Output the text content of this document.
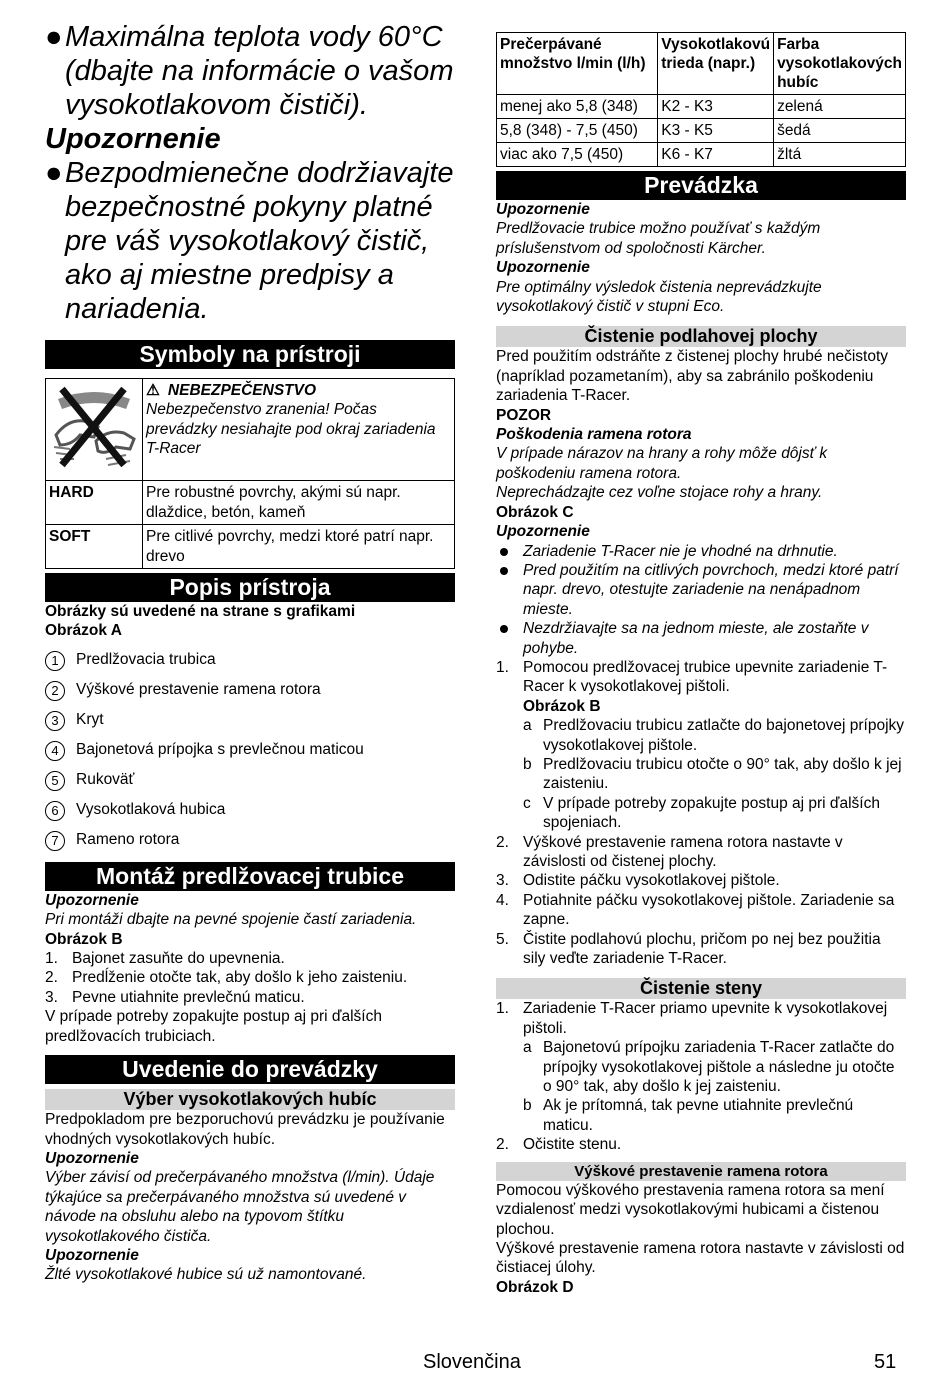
● Maximálna teplota vody 60°C (dbajte na informácie o vašom vysokotlakovom čističi).
Upozornenie
● Bezpodmienečne dodržiavajte bezpečnostné pokyny platné pre váš vysokotlakový čistič, ako aj miestne predpisy a nariadenia.
Symboly na prístroji

⚠ NEBEZPEČENSTVO
Nebezpečenstvo zranenia! Počas prevádzky nesiahajte pod okraj zariadenia T-Racer

HARD	Pre robustné povrchy, akými sú napr. dlaždice, betón, kameň
SOFT	Pre citlivé povrchy, medzi ktoré patrí napr. drevo
Popis prístroja
Obrázky sú uvedené na strane s grafikami
Obrázok A
1	Predlžovacia trubica
2	Výškové prestavenie ramena rotora
3	Kryt
4	Bajonetová prípojka s prevlečnou maticou
5	Rukoväť
6	Vysokotlaková hubica
7	Rameno rotora
Montáž predlžovacej trubice
Upozornenie
Pri montáži dbajte na pevné spojenie častí zariadenia.
Obrázok B
1. Bajonet zasuňte do upevnenia.
2. Predĺženie otočte tak, aby došlo k jeho zaisteniu.
3. Pevne utiahnite prevlečnú maticu.
V prípade potreby zopakujte postup aj pri ďalších predlžovacích trubiciach.
Uvedenie do prevádzky
Výber vysokotlakových hubíc
Predpokladom pre bezporuchovú prevádzku je používanie vhodných vysokotlakových hubíc.
Upozornenie
Výber závisí od prečerpávaného množstva (l/min). Údaje týkajúce sa prečerpávaného množstva sú uvedené v návode na obsluhu alebo na typovom štítku vysokotlakového čističa.
Upozornenie
Žlté vysokotlakové hubice sú už namontované.
Prečerpávané množstvo l/min (l/h)	Vysokotlakovú trieda (napr.)	Farba vysokotlakových hubíc
menej ako 5,8 (348)	K2 - K3	zelená
5,8 (348) - 7,5 (450)	K3 - K5	šedá
viac ako 7,5 (450)	K6 - K7	žltá
Prevádzka
Upozornenie
Predlžovacie trubice možno používať s každým príslušenstvom od spoločnosti Kärcher.
Upozornenie
Pre optimálny výsledok čistenia neprevádzkujte vysokotlakový čistič v stupni Eco.
Čistenie podlahovej plochy
Pred použitím odstráňte z čistenej plochy hrubé nečistoty (napríklad pozametaním), aby sa zabránilo poškodeniu zariadenia T-Racer.
POZOR
Poškodenia ramena rotora
V prípade nárazov na hrany a rohy môže dôjsť k poškodeniu ramena rotora.
Neprechádzajte cez voľne stojace rohy a hrany.
Obrázok C
Upozornenie
Zariadenie T-Racer nie je vhodné na drhnutie.
Pred použitím na citlivých povrchoch, medzi ktoré patrí napr. drevo, otestujte zariadenie na nenápadnom mieste.
Nezdržiavajte sa na jednom mieste, ale zostaňte v pohybe.
1. Pomocou predlžovacej trubice upevnite zariadenie T-Racer k vysokotlakovej pištoli.
Obrázok B
a Predlžovaciu trubicu zatlačte do bajonetovej prípojky vysokotlakovej pištole.
b Predlžovaciu trubicu otočte o 90° tak, aby došlo k jej zaisteniu.
c V prípade potreby zopakujte postup aj pri ďalších spojeniach.
2. Výškové prestavenie ramena rotora nastavte v závislosti od čistenej plochy.
3. Odistite páčku vysokotlakovej pištole.
4. Potiahnite páčku vysokotlakovej pištole. Zariadenie sa zapne.
5. Čistite podlahovú plochu, pričom po nej bez použitia sily veďte zariadenie T-Racer.
Čistenie steny
1. Zariadenie T-Racer priamo upevnite k vysokotlakovej pištoli.
a Bajonetovú prípojku zariadenia T-Racer zatlačte do prípojky vysokotlakovej pištole a následne ju otočte o 90° tak, aby došlo k jej zaisteniu.
b Ak je prítomná, tak pevne utiahnite prevlečnú maticu.
2. Očistite stenu.
Výškové prestavenie ramena rotora
Pomocou výškového prestavenia ramena rotora sa mení vzdialenosť medzi vysokotlakovými hubicami a čistenou plochou.
Výškové prestavenie ramena rotora nastavte v závislosti od čistiacej úlohy.
Obrázok D
Slovenčina	51
